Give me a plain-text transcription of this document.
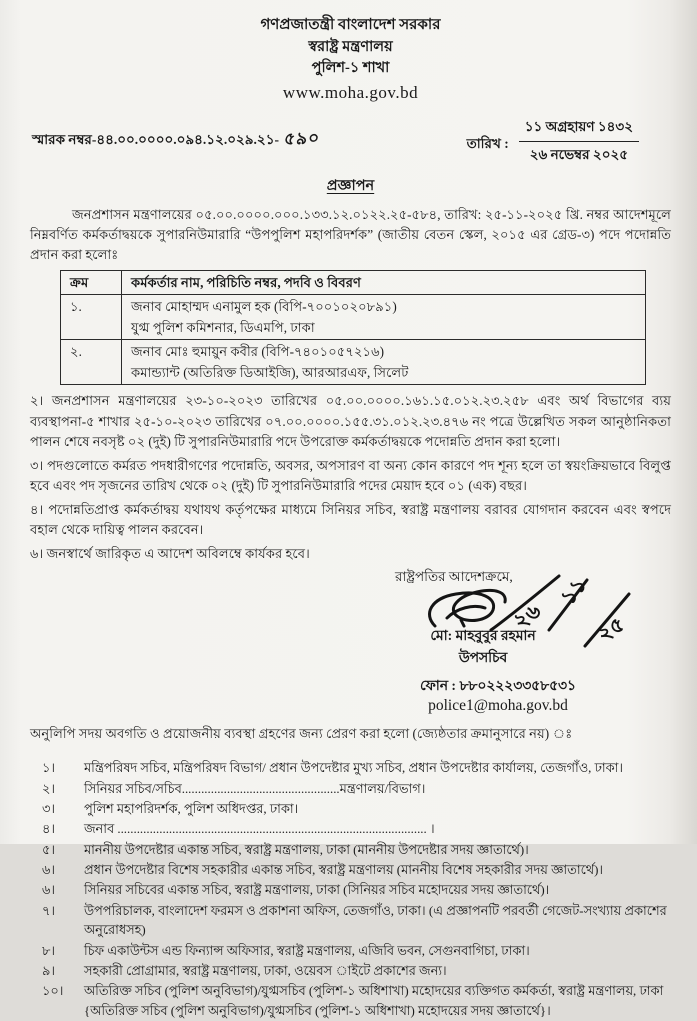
গণপ্রজাতন্ত্রী বাংলাদেশ সরকার
স্বরাষ্ট্র মন্ত্রণালয়
পুলিশ-১ শাখা
www.moha.gov.bd
স্মারক নম্বর-৪৪.০০.০০০০.০৯৪.১২.০২৯.২১- ৫৯০	তারিখ :
১১ অগ্রহায়ণ ১৪৩২
২৬ নভেম্বর ২০২৫
প্রজ্ঞাপন

জনপ্রশাসন মন্ত্রণালয়ের ০৫.০০.০০০০.০০০.১৩৩.১২.০১২২.২৫-৫৮৪, তারিখ: ২৫-১১-২০২৫ খ্রি. নম্বর আদেশমূলে নিম্নবর্ণিত কর্মকর্তাদ্বয়কে সুপারনিউমারারি “উপপুলিশ মহাপরিদর্শক” (জাতীয় বেতন স্কেল, ২০১৫ এর গ্রেড-৩) পদে পদোন্নতি প্রদান করা হলোঃ

ক্রম	কর্মকর্তার নাম, পরিচিতি নম্বর, পদবি ও বিবরণ
১.	জনাব মোহাম্মদ এনামুল হক (বিপি-৭০০১০২০৮৯১)
যুগ্ম পুলিশ কমিশনার, ডিএমপি, ঢাকা

২.	জনাব মোঃ হুমায়ুন কবীর (বিপি-৭৪০১০৫৭২১৬)
কমান্ড্যান্ট (অতিরিক্ত ডিআইজি), আরআরএফ, সিলেট

২। জনপ্রশাসন মন্ত্রণালয়ের ২৩-১০-২০২৩ তারিখের ০৫.০০.০০০০.১৬১.১৫.০১২.২৩.২৫৮ এবং অর্থ বিভাগের ব্যয় ব্যবস্থাপনা-৫ শাখার ২৫-১০-২০২৩ তারিখের ০৭.০০.০০০০.১৫৫.৩১.০১২.২৩.৪৭৬ নং পত্রে উল্লেখিত সকল আনুষ্ঠানিকতা পালন শেষে নবসৃষ্ট ০২ (দুই) টি সুপারনিউমারারি পদে উপরোক্ত কর্মকর্তাদ্বয়কে পদোন্নতি প্রদান করা হলো।

৩। পদগুলোতে কর্মরত পদধারীগণের পদোন্নতি, অবসর, অপসারণ বা অন্য কোন কারণে পদ শূন্য হলে তা স্বয়ংক্রিয়ভাবে বিলুপ্ত হবে এবং পদ সৃজনের তারিখ থেকে ০২ (দুই) টি সুপারনিউমারারি পদের মেয়াদ হবে ০১ (এক) বছর।

৪। পদোন্নতিপ্রাপ্ত কর্মকর্তাদ্বয় যথাযথ কর্তৃপক্ষের মাধ্যমে সিনিয়র সচিব, স্বরাষ্ট্র মন্ত্রণালয় বরাবর যোগদান করবেন এবং স্বপদে বহাল থেকে দায়িত্ব পালন করবেন।

৬। জনস্বার্থে জারিকৃত এ আদেশ অবিলম্বে কার্যকর হবে।

রাষ্ট্রপতির আদেশক্রমে,
২৬
১১
২৫
মো: মাহবুবুর রহমান
উপসচিব
ফোন : ৮৮০২২২৩৩৫৮৫৩১
police1@moha.gov.bd

অনুলিপি সদয় অবগতি ও প্রয়োজনীয় ব্যবস্থা গ্রহণের জন্য প্রেরণ করা হলো (জ্যেষ্ঠতার ক্রমানুসারে নয়) ঃ

১।	মন্ত্রিপরিষদ সচিব, মন্ত্রিপরিষদ বিভাগ/ প্রধান উপদেষ্টার মুখ্য সচিব, প্রধান উপদেষ্টার কার্যালয়, তেজগাঁও, ঢাকা।
২।	সিনিয়র সচিব/সচিব.................................................মন্ত্রণালয়/বিভাগ।
৩।	পুলিশ মহাপরিদর্শক, পুলিশ অধিদপ্তর, ঢাকা।
৪।	জনাব ................................................................................................ ।
৫।	মাননীয় উপদেষ্টার একান্ত সচিব, স্বরাষ্ট্র মন্ত্রণালয়, ঢাকা (মাননীয় উপদেষ্টার সদয় জ্ঞাতার্থে)।
৬।	প্রধান উপদেষ্টার বিশেষ সহকারীর একান্ত সচিব, স্বরাষ্ট্র মন্ত্রণালয় (মাননীয় বিশেষ সহকারীর সদয় জ্ঞাতার্থে)।
৬।	সিনিয়র সচিবের একান্ত সচিব, স্বরাষ্ট্র মন্ত্রণালয়, ঢাকা (সিনিয়র সচিব মহোদয়ের সদয় জ্ঞাতার্থে)।
৭।	উপপরিচালক, বাংলাদেশ ফরমস ও প্রকাশনা অফিস, তেজগাঁও, ঢাকা। (এ প্রজ্ঞাপনটি পরবর্তী গেজেট-সংখ্যায় প্রকাশের অনুরোধসহ)
৮।	চিফ একাউন্টস এন্ড ফিন্যান্স অফিসার, স্বরাষ্ট্র মন্ত্রণালয়, এজিবি ভবন, সেগুনবাগিচা, ঢাকা।
৯।	সহকারী প্রোগ্রামার, স্বরাষ্ট্র মন্ত্রণালয়, ঢাকা, ওয়েবস াইটে প্রকাশের জন্য।
১০।	অতিরিক্ত সচিব (পুলিশ অনুবিভাগ)/যুগ্মসচিব (পুলিশ-১ অধিশাখা) মহোদয়ের ব্যক্তিগত কর্মকর্তা, স্বরাষ্ট্র মন্ত্রণালয়, ঢাকা {অতিরিক্ত সচিব (পুলিশ অনুবিভাগ)/যুগ্মসচিব (পুলিশ-১ অধিশাখা) মহোদয়ের সদয় জ্ঞাতার্থে}।
